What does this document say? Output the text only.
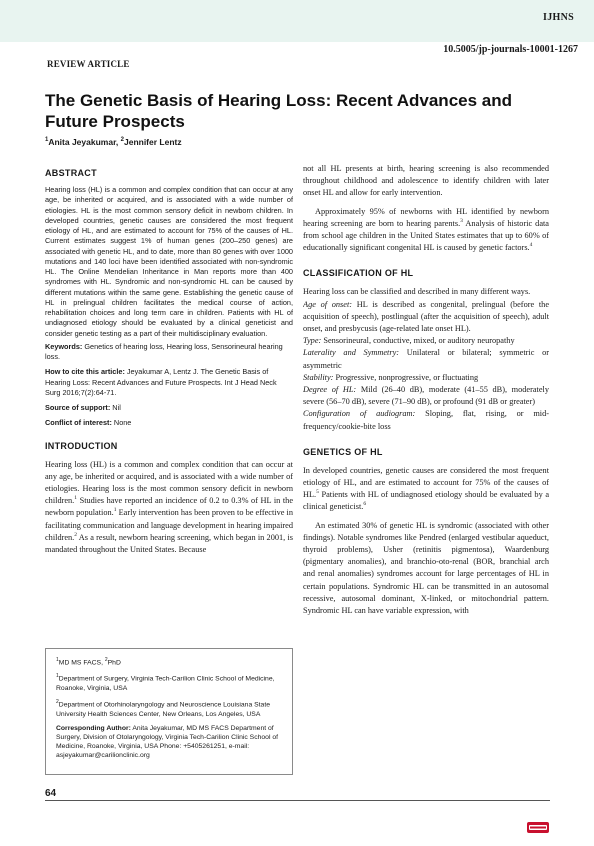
IJHNS
10.5005/jp-journals-10001-1267
REVIEW ARTICLE
The Genetic Basis of Hearing Loss: Recent Advances and Future Prospects
$^1$Anita Jeyakumar, $^2$Jennifer Lentz
ABSTRACT

Hearing loss (HL) is a common and complex condition that can occur at any age, be inherited or acquired, and is associated with a wide number of etiologies. HL is the most common sensory deficit in newborn children. In developed countries, genetic causes are considered the most frequent etiology of HL, and are estimated to account for 75% of the causes of HL. Current estimates suggest 1% of human genes (200–250 genes) are associated with genetic HL, and to date, more than 80 genes with over 1000 mutations and 140 loci have been identified associated with non-syndromic HL. The Online Mendelian Inheritance in Man reports more than 400 syndromes with HL. Syndromic and non-syndromic HL can be caused by different mutations within the same gene. Establishing the genetic cause of HL in prelingual children facilitates the medical course of action, rehabilitation choices and long term care in children. Patients with HL of undiagnosed etiology should be evaluated by a clinical geneticist and consider genetic testing as a part of their multidisciplinary evaluation.

Keywords: Genetics of hearing loss, Hearing loss, Sensorineural hearing loss.

How to cite this article: Jeyakumar A, Lentz J. The Genetic Basis of Hearing Loss: Recent Advances and Future Prospects. Int J Head Neck Surg 2016;7(2):64-71.

Source of support: Nil

Conflict of interest: None

INTRODUCTION

Hearing loss (HL) is a common and complex condition that can occur at any age, be inherited or acquired, and is associated with a wide number of etiologies. Hearing loss is the most common sensory deficit in newborn children.$^1$ Studies have reported an incidence of 0.2 to 0.3% of HL in the newborn population.$^1$ Early intervention has been proven to be effective in facilitating communication and language development in hearing impaired children.$^2$ As a result, newborn hearing screening, which began in 2001, is mandated throughout the United States. Because

$^1$MD MS FACS, $^2$PhD

$^1$Department of Surgery, Virginia Tech-Carilion Clinic School of Medicine, Roanoke, Virginia, USA

$^2$Department of Otorhinolaryngology and Neuroscience Louisiana State University Health Sciences Center, New Orleans, Los Angeles, USA

Corresponding Author: Anita Jeyakumar, MD MS FACS Department of Surgery, Division of Otolaryngology, Virginia Tech-Carilion Clinic School of Medicine, Roanoke, Virginia, USA Phone: +5405261251, e-mail: asjeyakumar@carilionclinic.org

not all HL presents at birth, hearing screening is also recommended throughout childhood and adolescence to identify children with later onset HL and allow for early intervention.

Approximately 95% of newborns with HL identified by newborn hearing screening are born to hearing parents.$^3$ Analysis of historic data from school age children in the United States estimates that up to 60% of educationally significant congenital HL is caused by genetic factors.$^4$

CLASSIFICATION OF HL

Hearing loss can be classified and described in many different ways.

Age of onset: HL is described as congenital, prelingual (before the acquisition of speech), postlingual (after the acquisition of speech), adult onset, and presbycusis (age-related late onset HL).

Type: Sensorineural, conductive, mixed, or auditory neuropathy

Laterality and Symmetry: Unilateral or bilateral; symmetric or asymmetric

Stability: Progressive, nonprogressive, or fluctuating

Degree of HL: Mild (26–40 dB), moderate (41–55 dB), moderately severe (56–70 dB), severe (71–90 dB), or profound (91 dB or greater)

Configuration of audiogram: Sloping, flat, rising, or mid-frequency/cookie-bite loss

GENETICS OF HL

In developed countries, genetic causes are considered the most frequent etiology of HL, and are estimated to account for 75% of the causes of HL.$^5$ Patients with HL of undiagnosed etiology should be evaluated by a clinical geneticist.$^6$

An estimated 30% of genetic HL is syndromic (associated with other findings). Notable syndromes like Pendred (enlarged vestibular aqueduct, thyroid problems), Usher (retinitis pigmentosa), Waardenburg (pigmentary anomalies), and branchio-oto-renal (BOR, branchial arch and renal anomalies) syndromes account for large percentages of HL in certain populations. Syndromic HL can be transmitted in an autosomal recessive, autosomal dominant, X-linked, or mitochondrial pattern. Syndromic HL can have variable expression, with

64
